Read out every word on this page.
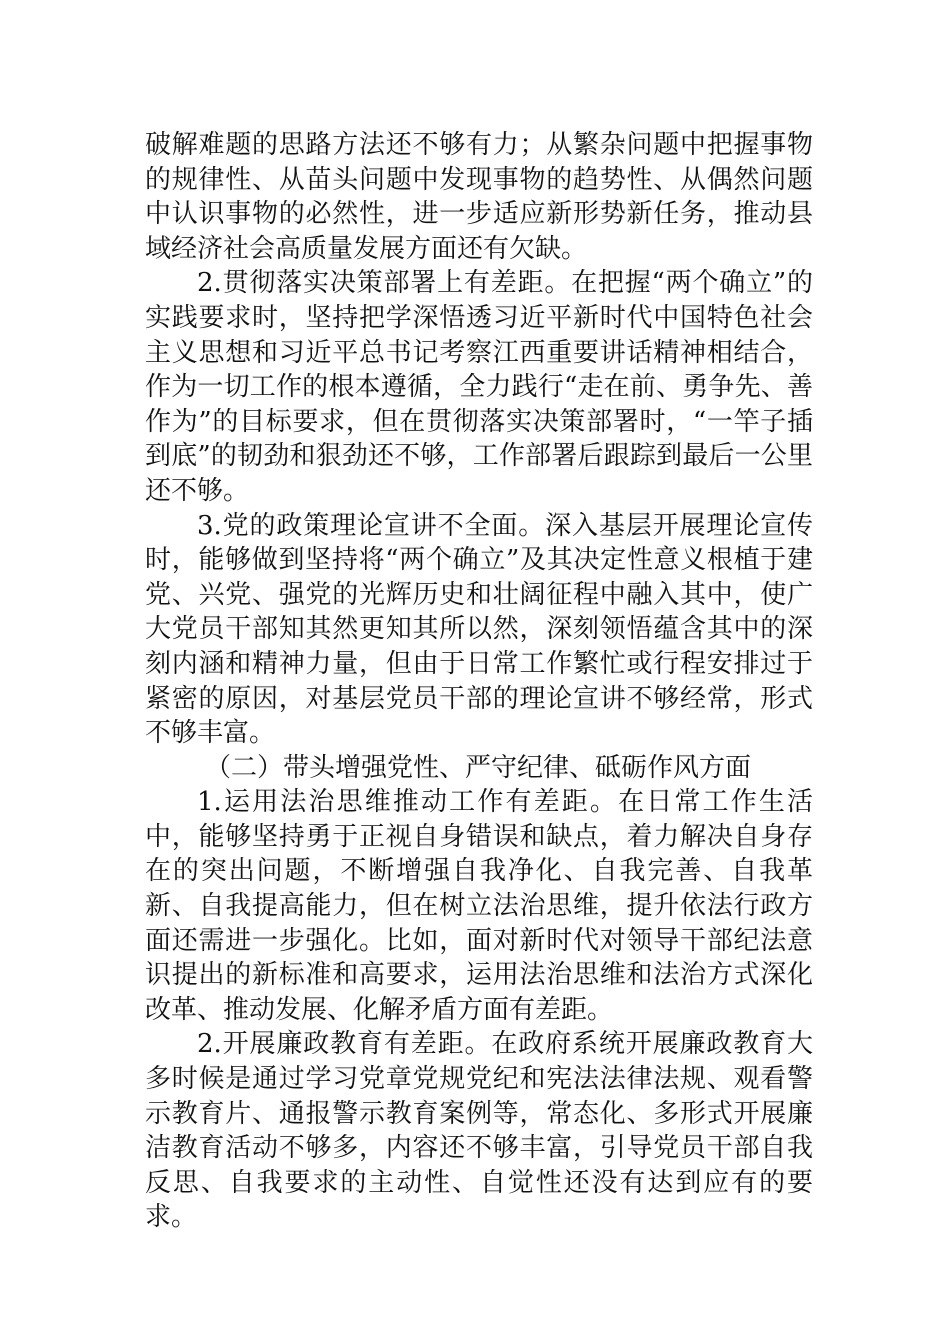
破解难题的思路方法还不够有力；从繁杂问题中把握事物的规律性、从苗头问题中发现事物的趋势性、从偶然问题中认识事物的必然性，进一步适应新形势新任务，推动县域经济社会高质量发展方面还有欠缺。

2.贯彻落实决策部署上有差距。在把握“两个确立”的实践要求时，坚持把学深悟透习近平新时代中国特色社会主义思想和习近平总书记考察江西重要讲话精神相结合，作为一切工作的根本遵循，全力践行“走在前、勇争先、善作为”的目标要求，但在贯彻落实决策部署时，“一竿子插到底”的韧劲和狠劲还不够，工作部署后跟踪到最后一公里还不够。

3.党的政策理论宣讲不全面。深入基层开展理论宣传时，能够做到坚持将“两个确立”及其决定性意义根植于建党、兴党、强党的光辉历史和壮阔征程中融入其中，使广大党员干部知其然更知其所以然，深刻领悟蕴含其中的深刻内涵和精神力量，但由于日常工作繁忙或行程安排过于紧密的原因，对基层党员干部的理论宣讲不够经常，形式不够丰富。

（二）带头增强党性、严守纪律、砥砺作风方面

1.运用法治思维推动工作有差距。在日常工作生活中，能够坚持勇于正视自身错误和缺点，着力解决自身存在的突出问题，不断增强自我净化、自我完善、自我革新、自我提高能力，但在树立法治思维，提升依法行政方面还需进一步强化。比如，面对新时代对领导干部纪法意识提出的新标准和高要求，运用法治思维和法治方式深化改革、推动发展、化解矛盾方面有差距。

2.开展廉政教育有差距。在政府系统开展廉政教育大多时候是通过学习党章党规党纪和宪法法律法规、观看警示教育片、通报警示教育案例等，常态化、多形式开展廉洁教育活动不够多，内容还不够丰富，引导党员干部自我反思、自我要求的主动性、自觉性还没有达到应有的要求。
